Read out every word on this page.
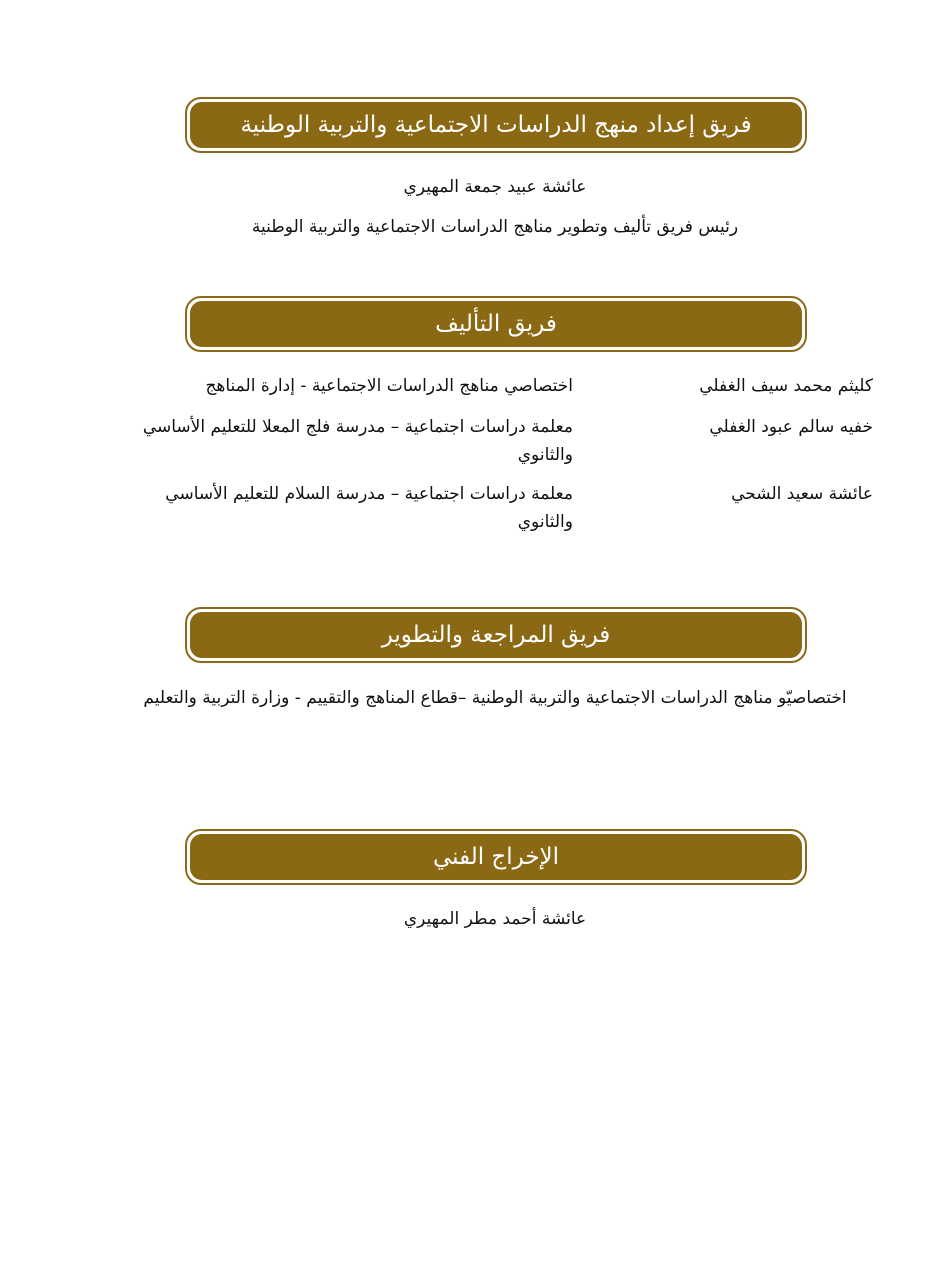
فريق إعداد منهج الدراسات الاجتماعية والتربية الوطنية
عائشة عبيد جمعة المهيري
رئيس فريق تأليف وتطوير مناهج الدراسات الاجتماعية والتربية الوطنية
فريق التأليف
كليثم محمد سيف الغفلي
اختصاصي مناهج الدراسات الاجتماعية - إدارة المناهج
خفيه سالم عبود الغفلي
معلمة دراسات اجتماعية – مدرسة فلج المعلا للتعليم الأساسي والثانوي
عائشة سعيد الشحي
معلمة دراسات اجتماعية – مدرسة السلام للتعليم الأساسي والثانوي
فريق المراجعة والتطوير
اختصاصيّو مناهج الدراسات الاجتماعية والتربية الوطنية –قطاع المناهج والتقييم - وزارة التربية والتعليم
الإخراج الفني
عائشة أحمد مطر المهيري
